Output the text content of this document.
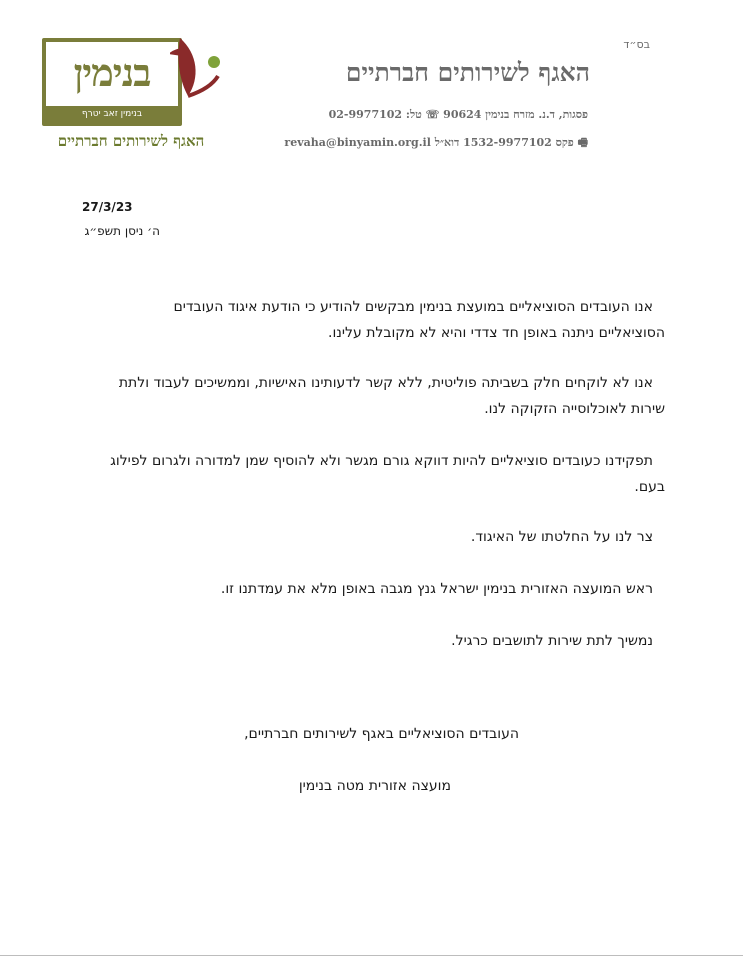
בס״ד
בנימין
בנימין זאב יטרף
האגף לשירותים חברתיים
האגף לשירותים חברתיים
פסגות, ד.נ. מזרח בנימין 90624 ☏ טל: 02-9977102
🖷 פקס 1532-9977102 דוא״ל revaha@binyamin.org.il
27/3/23
ה׳ ניסן תשפ״ג
אנו העובדים הסוציאליים במועצת בנימין מבקשים להודיע כי הודעת איגוד העובדים הסוציאליים ניתנה באופן חד צדדי והיא לא מקובלת עלינו.
אנו לא לוקחים חלק בשביתה פוליטית, ללא קשר לדעותינו האישיות, וממשיכים לעבוד ולתת שירות לאוכלוסייה הזקוקה לנו.
תפקידנו כעובדים סוציאליים להיות דווקא גורם מגשר ולא להוסיף שמן למדורה ולגרום לפילוג בעם.
צר לנו על החלטתו של האיגוד.
ראש המועצה האזורית בנימין ישראל גנץ מגבה באופן מלא את עמדתנו זו.
נמשיך לתת שירות לתושבים כרגיל.
העובדים הסוציאליים באגף לשירותים חברתיים,
מועצה אזורית מטה בנימין
